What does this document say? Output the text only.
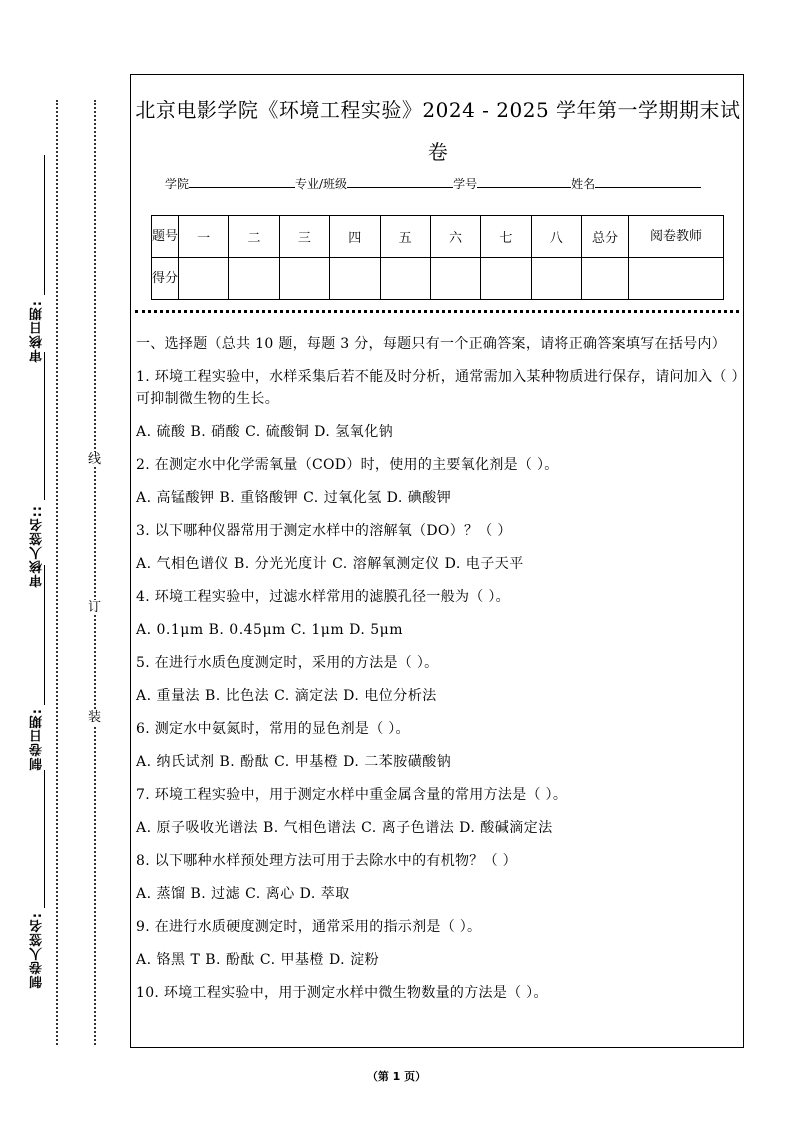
线
订
装
审核日期:
审核人签名::
制卷日期:
制卷人签名:
北京电影学院《环境工程实验》2024 - 2025 学年第一学期期末试
卷
学院	专业/班级	学号	姓名
题号	一	二	三	四	五	六	七	八	总分	阅卷教师
得分										

一、选择题（总共 10 题，每题 3 分，每题只有一个正确答案，请将正确答案填写在括号内）

1. 环境工程实验中，水样采集后若不能及时分析，通常需加入某种物质进行保存，请问加入（ ）可抑制微生物的生长。

A. 硫酸 B. 硝酸 C. 硫酸铜 D. 氢氧化钠

2. 在测定水中化学需氧量（COD）时，使用的主要氧化剂是（ ）。

A. 高锰酸钾 B. 重铬酸钾 C. 过氧化氢 D. 碘酸钾

3. 以下哪种仪器常用于测定水样中的溶解氧（DO）？（ ）

A. 气相色谱仪 B. 分光光度计 C. 溶解氧测定仪 D. 电子天平

4. 环境工程实验中，过滤水样常用的滤膜孔径一般为（ ）。

A. 0.1μm B. 0.45μm C. 1μm D. 5μm

5. 在进行水质色度测定时，采用的方法是（ ）。

A. 重量法 B. 比色法 C. 滴定法 D. 电位分析法

6. 测定水中氨氮时，常用的显色剂是（ ）。

A. 纳氏试剂 B. 酚酞 C. 甲基橙 D. 二苯胺磺酸钠

7. 环境工程实验中，用于测定水样中重金属含量的常用方法是（ ）。

A. 原子吸收光谱法 B. 气相色谱法 C. 离子色谱法 D. 酸碱滴定法

8. 以下哪种水样预处理方法可用于去除水中的有机物？（ ）

A. 蒸馏 B. 过滤 C. 离心 D. 萃取

9. 在进行水质硬度测定时，通常采用的指示剂是（ ）。

A. 铬黑 T B. 酚酞 C. 甲基橙 D. 淀粉

10. 环境工程实验中，用于测定水样中微生物数量的方法是（ ）。

（第 1 页）
